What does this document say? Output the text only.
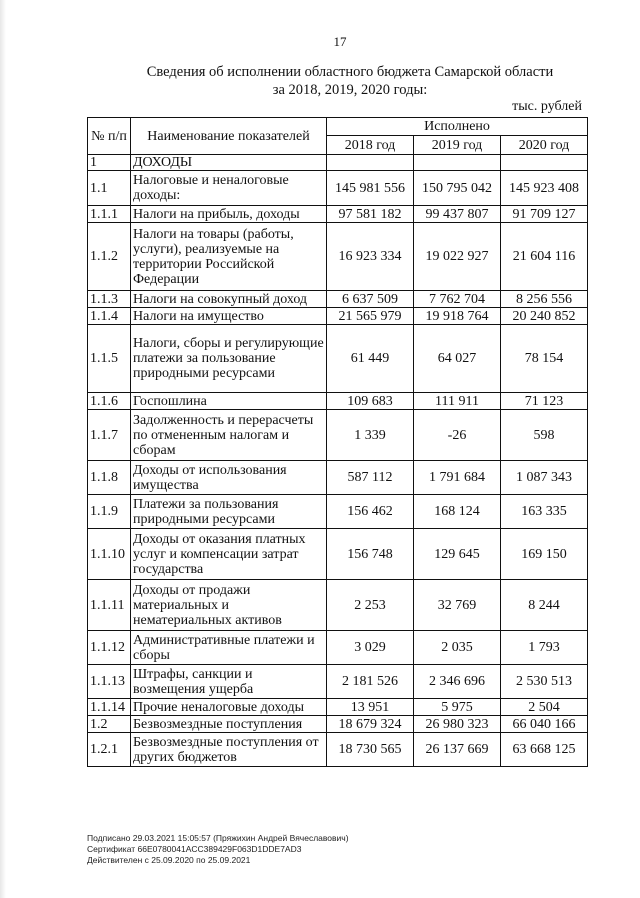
17
Сведения об исполнении областного бюджета Самарской области
за 2018, 2019, 2020 годы:
тыс. рублей
№ п/п	Наименование показателей	Исполнено		
		2018 год	2019 год	2020 год
1	ДОХОДЫ			
1.1	Налоговые и неналоговые доходы:	145 981 556	150 795 042	145 923 408
1.1.1	Налоги на прибыль, доходы	97 581 182	99 437 807	91 709 127
1.1.2	Налоги на товары (работы, услуги), реализуемые на территории Российской Федерации	16 923 334	19 022 927	21 604 116
1.1.3	Налоги на совокупный доход	6 637 509	7 762 704	8 256 556
1.1.4	Налоги на имущество	21 565 979	19 918 764	20 240 852
1.1.5	Налоги, сборы и регулирующие платежи за пользование природными ресурсами	61 449	64 027	78 154
1.1.6	Госпошлина	109 683	111 911	71 123
1.1.7	Задолженность и перерасчеты по отмененным налогам и сборам	1 339	-26	598
1.1.8	Доходы от использования имущества	587 112	1 791 684	1 087 343
1.1.9	Платежи за пользования природными ресурсами	156 462	168 124	163 335
1.1.10	Доходы от оказания платных услуг и компенсации затрат государства	156 748	129 645	169 150
1.1.11	Доходы от продажи материальных и нематериальных активов	2 253	32 769	8 244
1.1.12	Административные платежи и сборы	3 029	2 035	1 793
1.1.13	Штрафы, санкции и возмещения ущерба	2 181 526	2 346 696	2 530 513
1.1.14	Прочие неналоговые доходы	13 951	5 975	2 504
1.2	Безвозмездные поступления	18 679 324	26 980 323	66 040 166
1.2.1	Безвозмездные поступления от других бюджетов	18 730 565	26 137 669	63 668 125
Подписано 29.03.2021 15:05:57 (Пряжихин Андрей Вячеславович)
Сертификат 66E0780041ACC389429F063D1DDE7AD3
Действителен с 25.09.2020 по 25.09.2021
